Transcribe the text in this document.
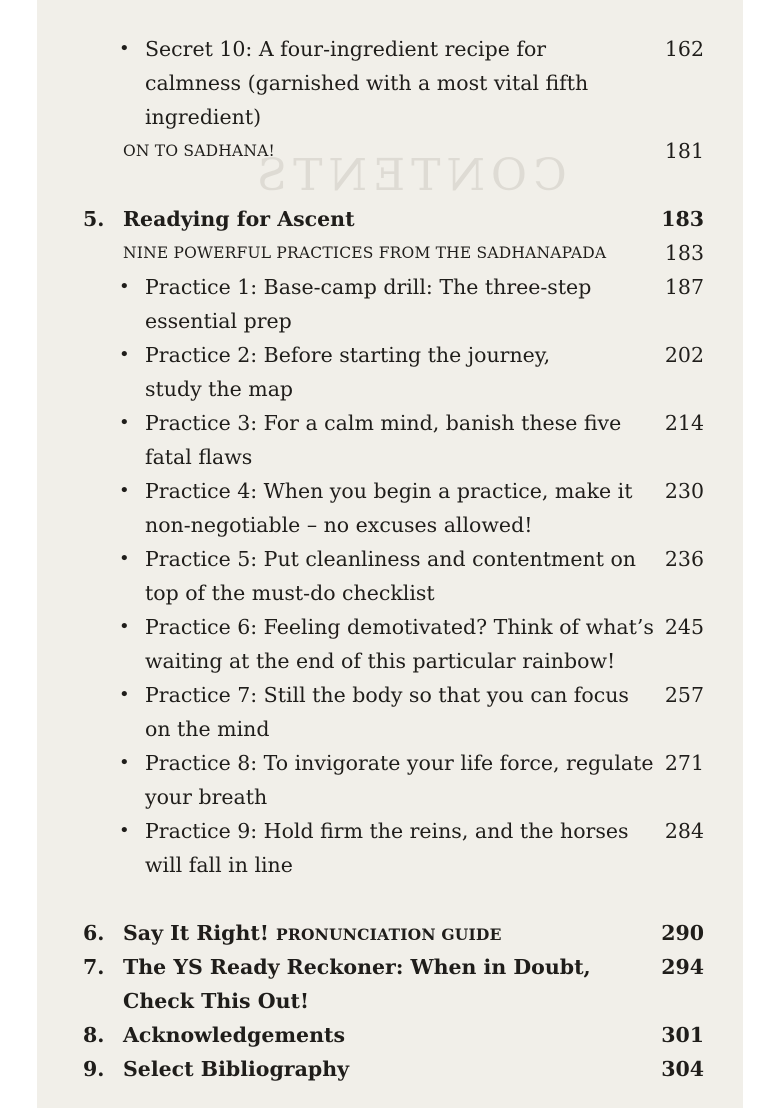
CONTENTS
• Secret 10: A four-ingredient recipe for	162
calmness (garnished with a most vital fifth
ingredient)
ON TO SADHANA!	181
5. Readying for Ascent	183
NINE POWERFUL PRACTICES FROM THE SADHANAPADA	183
• Practice 1: Base-camp drill: The three-step	187
essential prep
• Practice 2: Before starting the journey,	202
study the map
• Practice 3: For a calm mind, banish these five 214
fatal flaws
• Practice 4: When you begin a practice, make it 230
non-negotiable – no excuses allowed!
• Practice 5: Put cleanliness and contentment on 236
top of the must-do checklist
• Practice 6: Feeling demotivated? Think of what’s 245
waiting at the end of this particular rainbow!
• Practice 7: Still the body so that you can focus 257
on the mind
• Practice 8: To invigorate your life force, regulate 271
your breath
• Practice 9: Hold firm the reins, and the horses 284
will fall in line
6. Say It Right! PRONUNCIATION GUIDE	290
7. The YS Ready Reckoner: When in Doubt,	294
Check This Out!
8. Acknowledgements	301
9. Select Bibliography	304
